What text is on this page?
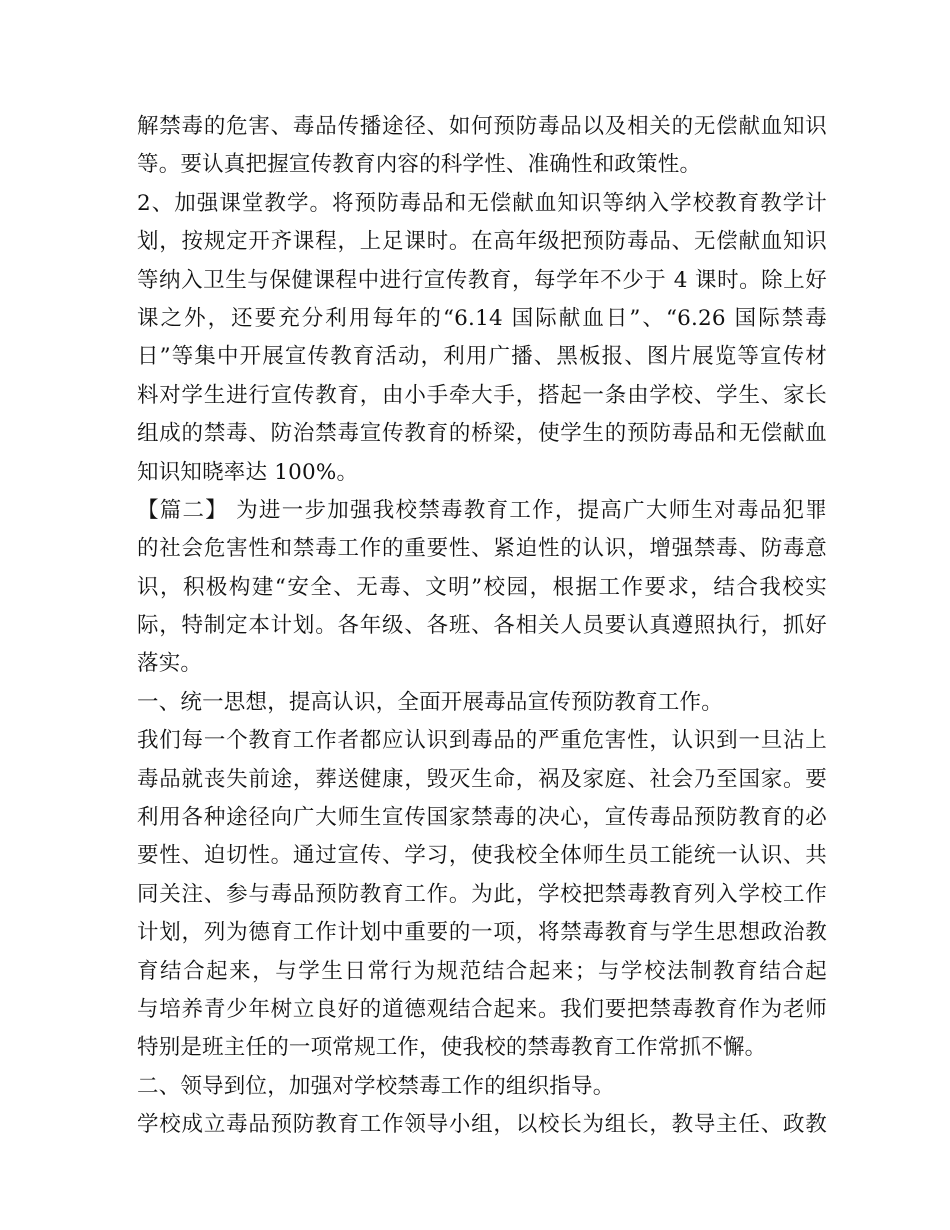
解禁毒的危害、毒品传播途径、如何预防毒品以及相关的无偿献血知识
等。要认真把握宣传教育内容的科学性、准确性和政策性。
2、加强课堂教学。将预防毒品和无偿献血知识等纳入学校教育教学计
划，按规定开齐课程，上足课时。在高年级把预防毒品、无偿献血知识
等纳入卫生与保健课程中进行宣传教育，每学年不少于 4 课时。除上好
课之外，还要充分利用每年的“6.14 国际献血日”、“6.26 国际禁毒
日”等集中开展宣传教育活动，利用广播、黑板报、图片展览等宣传材
料对学生进行宣传教育，由小手牵大手，搭起一条由学校、学生、家长
组成的禁毒、防治禁毒宣传教育的桥梁，使学生的预防毒品和无偿献血
知识知晓率达 100%。
【篇二】 为进一步加强我校禁毒教育工作，提高广大师生对毒品犯罪
的社会危害性和禁毒工作的重要性、紧迫性的认识，增强禁毒、防毒意
识，积极构建“安全、无毒、文明”校园，根据工作要求，结合我校实
际，特制定本计划。各年级、各班、各相关人员要认真遵照执行，抓好
落实。
一、统一思想，提高认识，全面开展毒品宣传预防教育工作。
我们每一个教育工作者都应认识到毒品的严重危害性，认识到一旦沾上
毒品就丧失前途，葬送健康，毁灭生命，祸及家庭、社会乃至国家。要
利用各种途径向广大师生宣传国家禁毒的决心，宣传毒品预防教育的必
要性、迫切性。通过宣传、学习，使我校全体师生员工能统一认识、共
同关注、参与毒品预防教育工作。为此，学校把禁毒教育列入学校工作
计划，列为德育工作计划中重要的一项，将禁毒教育与学生思想政治教
育结合起来，与学生日常行为规范结合起来；与学校法制教育结合起
与培养青少年树立良好的道德观结合起来。我们要把禁毒教育作为老师
特别是班主任的一项常规工作，使我校的禁毒教育工作常抓不懈。
二、领导到位，加强对学校禁毒工作的组织指导。
学校成立毒品预防教育工作领导小组，以校长为组长，教导主任、政教
